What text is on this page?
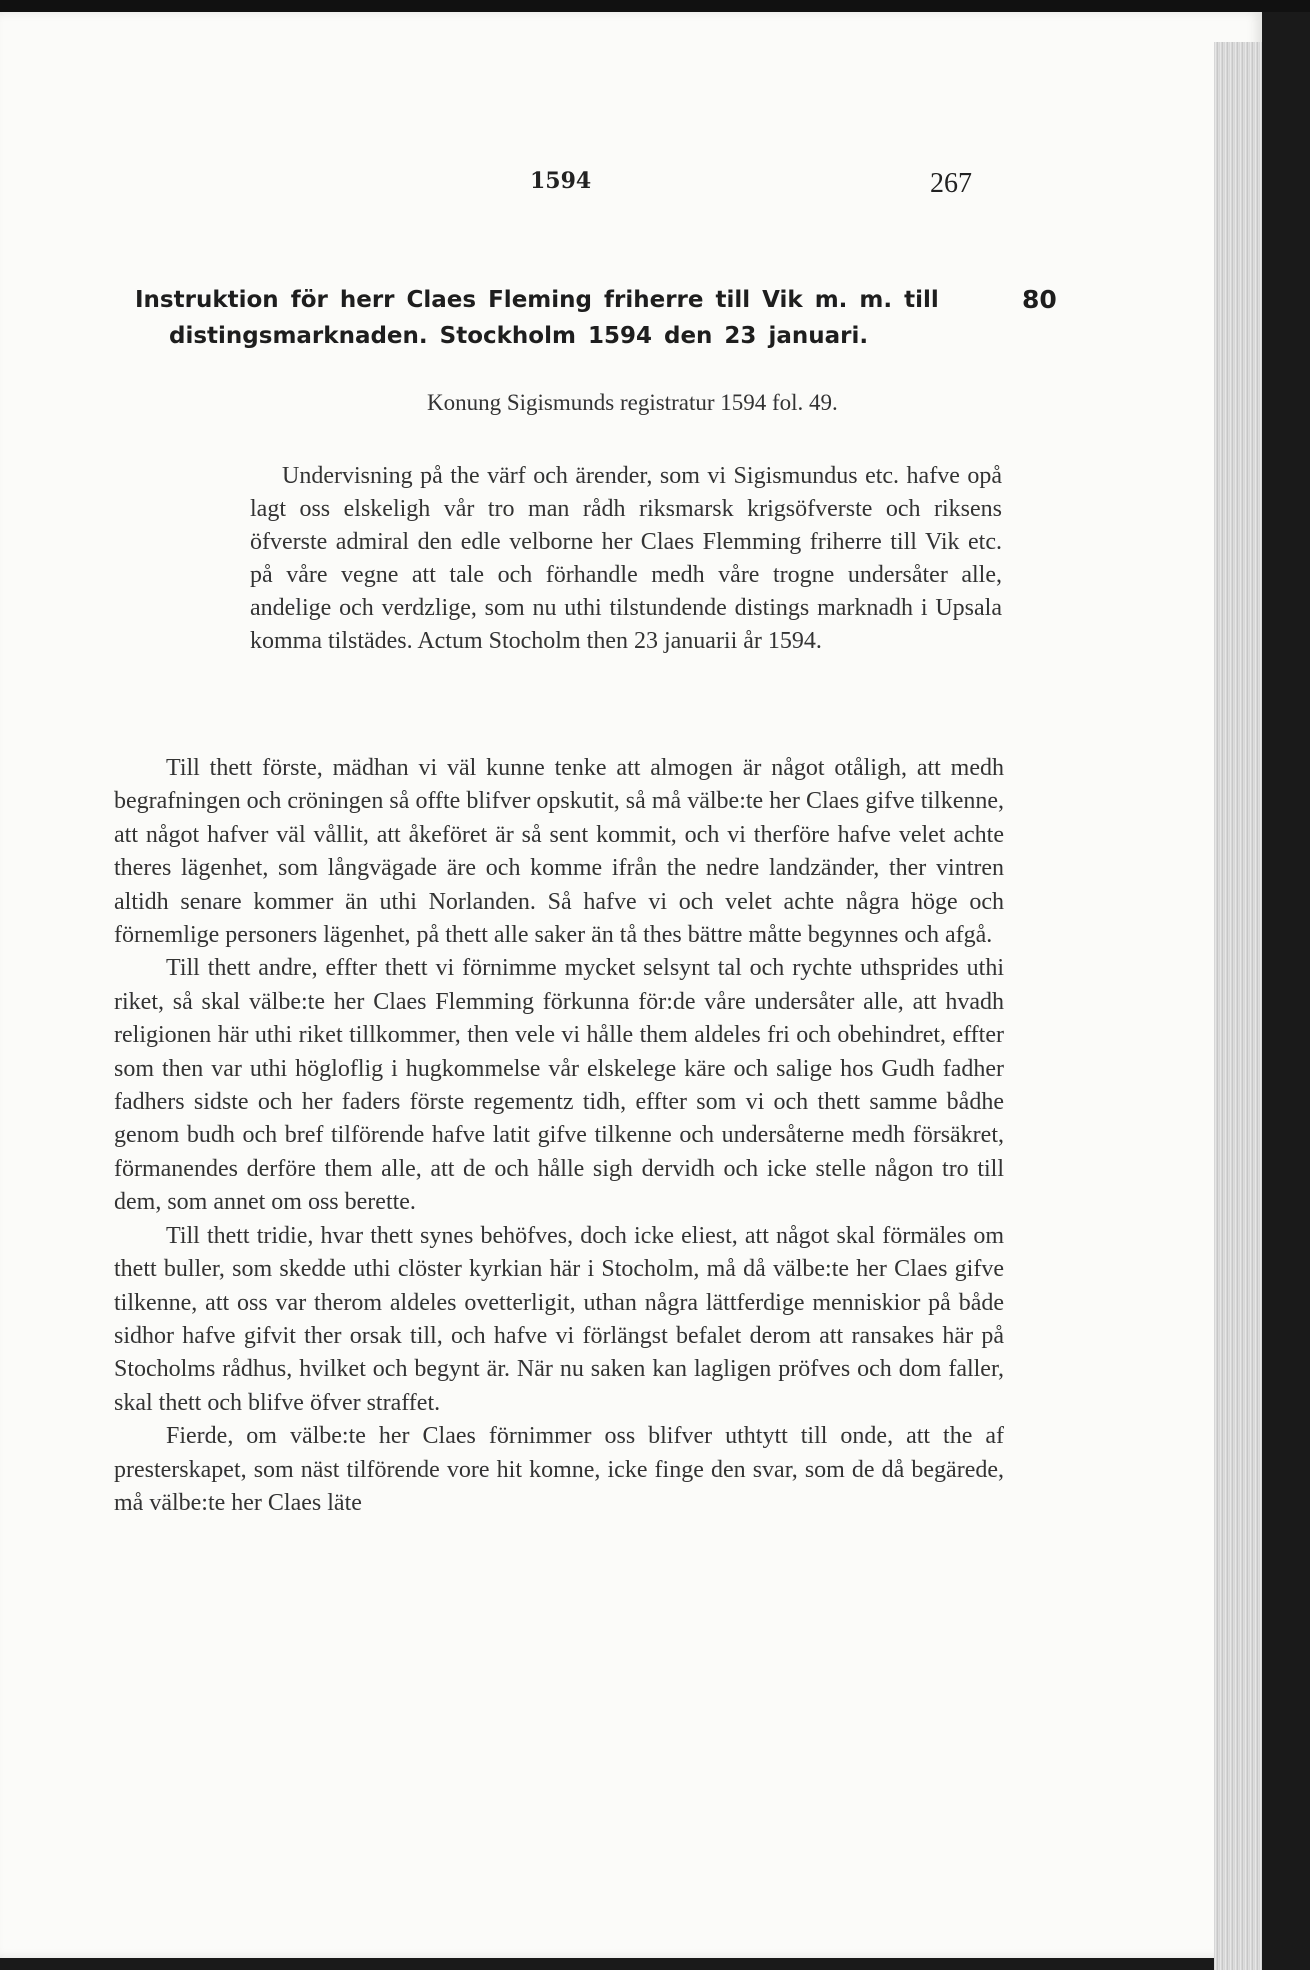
1594	267
Instruktion för herr Claes Fleming friherre till Vik m. m. till
distingsmarknaden. Stockholm 1594 den 23 januari.
80
Konung Sigismunds registratur 1594 fol. 49.

Undervisning på the värf och ärender, som vi Sigismundus etc. hafve opå lagt oss elskeligh vår tro man rådh riksmarsk krigsöfverste och riksens öfverste admiral den edle velborne her Claes Flemming friherre till Vik etc. på våre vegne att tale och förhandle medh våre trogne undersåter alle, andelige och verdzlige, som nu uthi tilstundende distings marknadh i Upsala komma tilstädes. Actum Stocholm then 23 januarii år 1594.

Till thett förste, mädhan vi väl kunne tenke att almogen är något otåligh, att medh begrafningen och cröningen så offte blifver opskutit, så må välbe:te her Claes gifve tilkenne, att något hafver väl vållit, att åkeföret är så sent kommit, och vi therföre hafve velet achte theres lägenhet, som långvägade äre och komme ifrån the nedre landzänder, ther vintren altidh senare kommer än uthi Norlanden. Så hafve vi och velet achte några höge och förnemlige personers lägenhet, på thett alle saker än tå thes bättre måtte begynnes och afgå.

Till thett andre, effter thett vi förnimme mycket selsynt tal och rychte uthsprides uthi riket, så skal välbe:te her Claes Flemming förkunna för:de våre undersåter alle, att hvadh religionen här uthi riket tillkommer, then vele vi hålle them aldeles fri och obehindret, effter som then var uthi högloflig i hugkommelse vår elskelege käre och salige hos Gudh fadher fadhers sidste och her faders förste regementz tidh, effter som vi och thett samme bådhe genom budh och bref tilförende hafve latit gifve tilkenne och undersåterne medh försäkret, förmanendes derföre them alle, att de och hålle sigh dervidh och icke stelle någon tro till dem, som annet om oss berette.

Till thett tridie, hvar thett synes behöfves, doch icke eliest, att något skal förmäles om thett buller, som skedde uthi clöster kyrkian här i Stocholm, må då välbe:te her Claes gifve tilkenne, att oss var therom aldeles ovetterligit, uthan några lättferdige menniskior på både sidhor hafve gifvit ther orsak till, och hafve vi förlängst befalet derom att ransakes här på Stocholms rådhus, hvilket och begynt är. När nu saken kan lagligen pröfves och dom faller, skal thett och blifve öfver straffet.

Fierde, om välbe:te her Claes förnimmer oss blifver uthtytt till onde, att the af presterskapet, som näst tilförende vore hit komne, icke finge den svar, som de då begärede, må välbe:te her Claes läte
